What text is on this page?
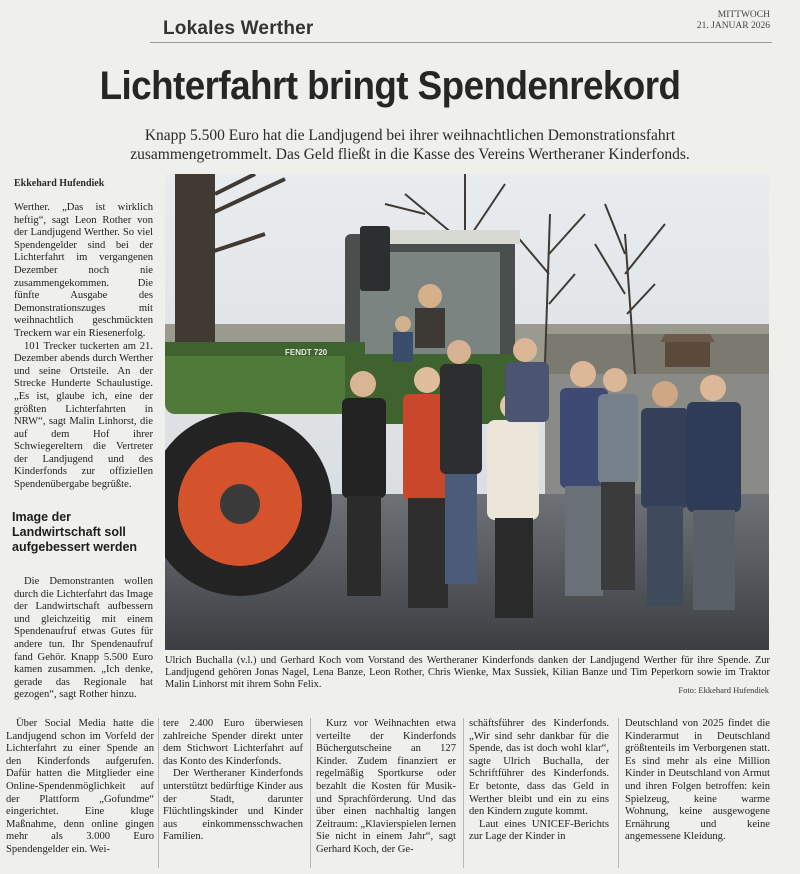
Lokales Werther
MITTWOCH
21. JANUAR 2026
Lichterfahrt bringt Spendenrekord
Knapp 5.500 Euro hat die Landjugend bei ihrer weihnachtlichen Demonstrationsfahrt zusammengetrommelt. Das Geld fließt in die Kasse des Vereins Wertheraner Kinderfonds.
Ekkehard Hufendiek

Werther. „Das ist wirklich heftig“, sagt Leon Rother von der Landjugend Werther. So viel Spendengelder sind bei der Lichterfahrt im vergangenen Dezember noch nie zusammengekommen. Die fünfte Ausgabe des Demonstrationszuges mit weihnachtlich geschmückten Treckern war ein Riesenerfolg.

101 Trecker tuckerten am 21. Dezember abends durch Werther und seine Ortsteile. An der Strecke Hunderte Schaulustige. „Es ist, glaube ich, eine der größten Lichterfahrten in NRW“, sagt Malin Linhorst, die auf dem Hof ihrer Schwiegereltern die Vertreter der Landjugend und des Kinderfonds zur offiziellen Spendenübergabe begrüßte.

Image der Landwirtschaft soll aufgebessert werden

Die Demonstranten wollen durch die Lichterfahrt das Image der Landwirtschaft aufbessern und gleichzeitig mit einem Spendenaufruf etwas Gutes für andere tun. Ihr Spendenaufruf fand Gehör. Knapp 5.500 Euro kamen zusammen. „Ich denke, gerade das Regionale hat gezogen“, sagt Rother hinzu.

Über Social Media hatte die Landjugend schon im Vorfeld der Lichterfahrt zu einer Spende an den Kinderfonds aufgerufen. Dafür hatten die Mitglieder eine Online-Spendenmöglichkeit auf der Plattform „Gofundme“ eingerichtet. Eine kluge Maßnahme, denn online gingen mehr als 3.000 Euro Spendengelder ein. Wei-

FENDT 720
Ulrich Buchalla (v.l.) und Gerhard Koch vom Vorstand des Wertheraner Kinderfonds danken der Landjugend Werther für ihre Spende. Zur Landjugend gehören Jonas Nagel, Lena Banze, Leon Rother, Chris Wienke, Max Sussiek, Kilian Banze und Tim Peperkorn sowie im Traktor Malin Linhorst mit ihrem Sohn Felix.	Foto: Ekkehard Hufendiek

tere 2.400 Euro überwiesen zahlreiche Spender direkt unter dem Stichwort Lichterfahrt auf das Konto des Kinderfonds.

Der Wertheraner Kinderfonds unterstützt bedürftige Kinder aus der Stadt, darunter Flüchtlingskinder und Kinder aus einkommensschwachen Familien.

Kurz vor Weihnachten etwa verteilte der Kinderfonds Büchergutscheine an 127 Kinder. Zudem finanziert er regelmäßig Sportkurse oder bezahlt die Kosten für Musik- und Sprachförderung. Und das über einen nachhaltig langen Zeitraum: „Klavierspielen lernen Sie nicht in einem Jahr“, sagt Gerhard Koch, der Ge-

schäftsführer des Kinderfonds. „Wir sind sehr dankbar für die Spende, das ist doch wohl klar“, sagte Ulrich Buchalla, der Schriftführer des Kinderfonds. Er betonte, dass das Geld in Werther bleibt und ein zu eins den Kindern zugute kommt.

Laut eines UNICEF-Berichts zur Lage der Kinder in

Deutschland von 2025 findet die Kinderarmut in Deutschland größtenteils im Verborgenen statt. Es sind mehr als eine Million Kinder in Deutschland von Armut und ihren Folgen betroffen: kein Spielzeug, keine warme Wohnung, keine ausgewogene Ernährung und keine angemessene Kleidung.
